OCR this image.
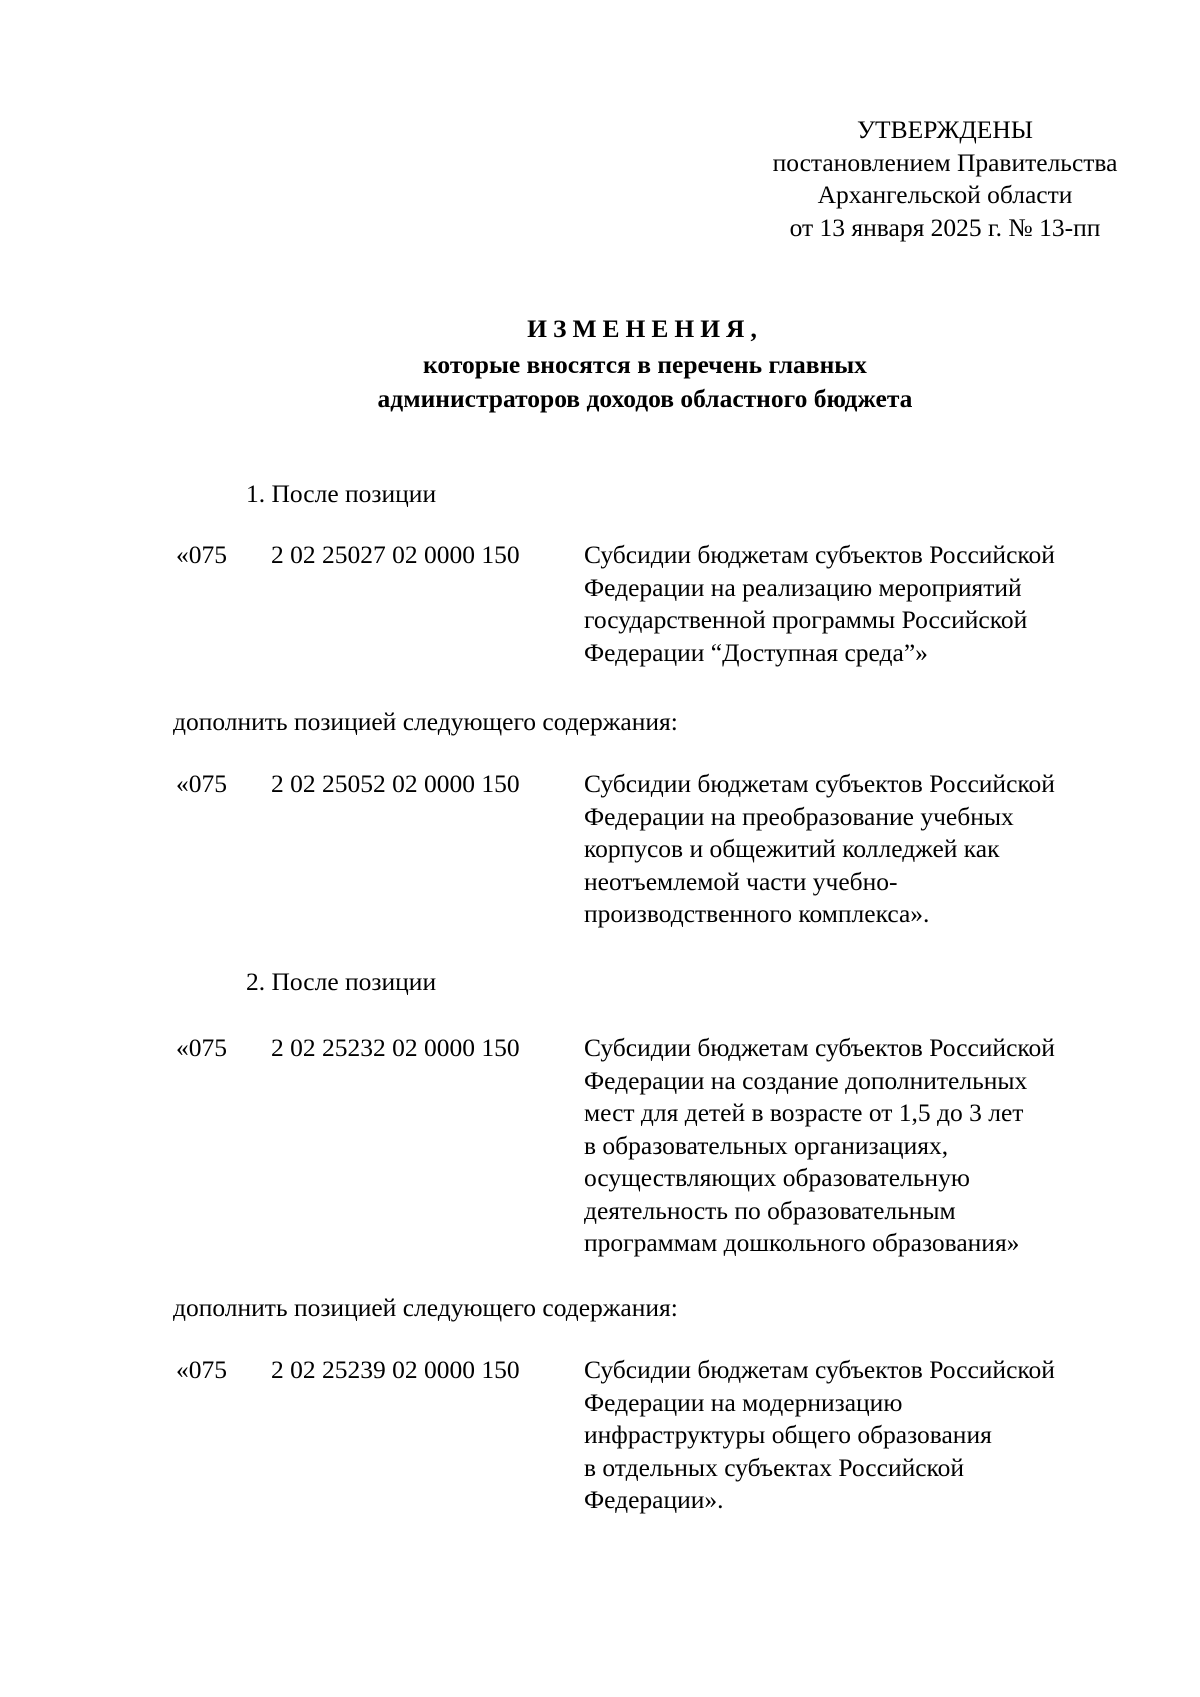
УТВЕРЖДЕНЫ
постановлением Правительства
Архангельской области
от 13 января 2025 г. № 13-пп
ИЗМЕНЕНИЯ,
которые вносятся в перечень главных
администраторов доходов областного бюджета
1. После позиции
«075 2 02 25027 02 0000 150	Субсидии бюджетам субъектов Российской
Федерации на реализацию мероприятий
государственной программы Российской
Федерации “Доступная среда”»
дополнить позицией следующего содержания:
«075 2 02 25052 02 0000 150	Субсидии бюджетам субъектов Российской
Федерации на преобразование учебных
корпусов и общежитий колледжей как
неотъемлемой части учебно-
производственного комплекса».
2. После позиции
«075 2 02 25232 02 0000 150	Субсидии бюджетам субъектов Российской
Федерации на создание дополнительных
мест для детей в возрасте от 1,5 до 3 лет
в образовательных организациях,
осуществляющих образовательную
деятельность по образовательным
программам дошкольного образования»
дополнить позицией следующего содержания:
«075 2 02 25239 02 0000 150	Субсидии бюджетам субъектов Российской
Федерации на модернизацию
инфраструктуры общего образования
в отдельных субъектах Российской
Федерации».
